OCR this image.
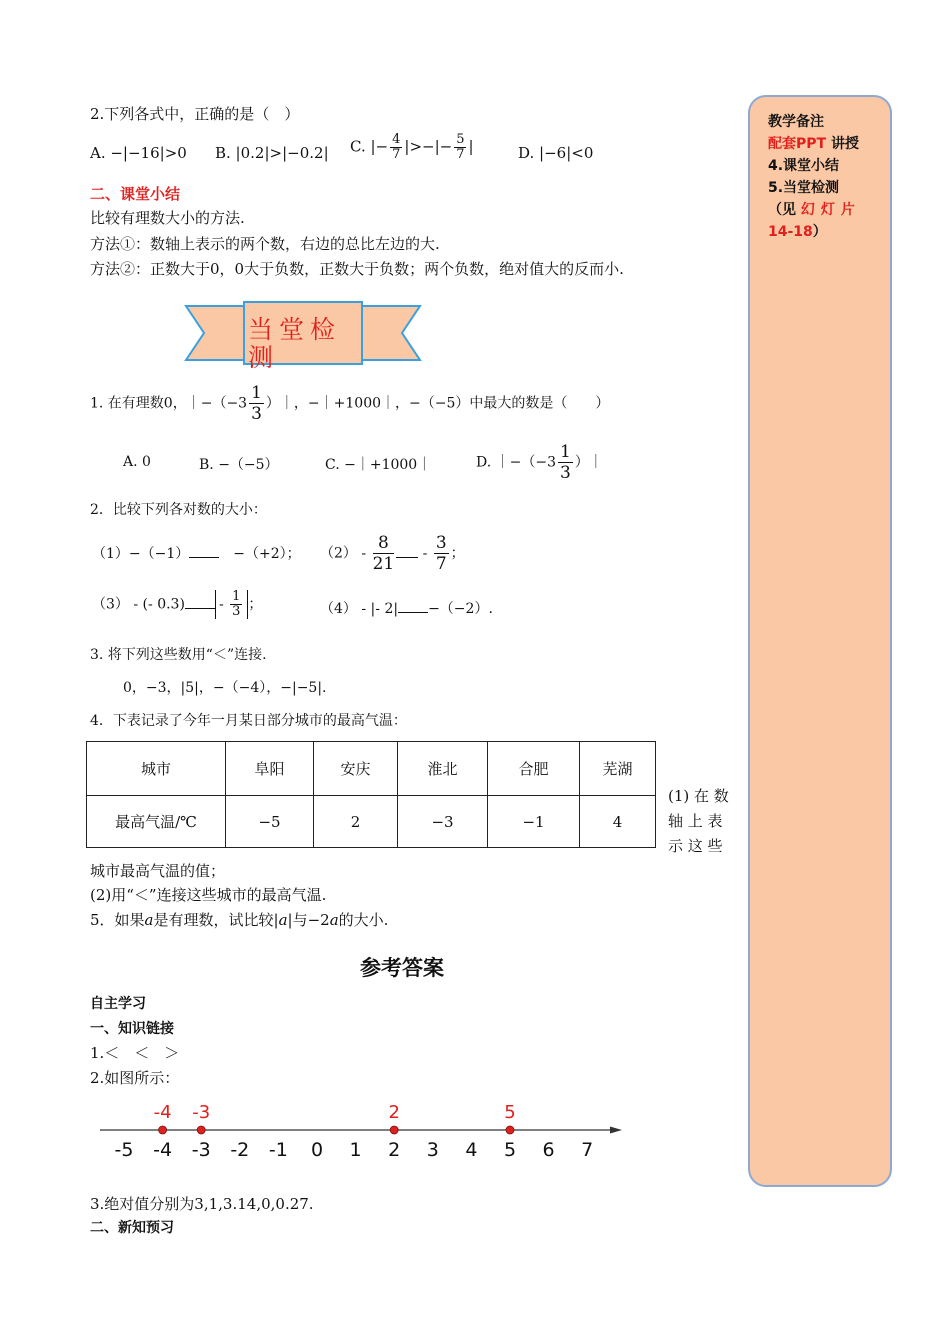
2.下列各式中，正确的是（　）
A. −|−16|>0 B. |0.2|>|−0.2| C. |− $\frac{4}{7}$ |>−|− $\frac{5}{7}$ |	D. |−6|<0
二、课堂小结
比较有理数大小的方法.
方法①：数轴上表示的两个数，右边的总比左边的大.
方法②：正数大于0，0大于负数，正数大于负数；两个负数，绝对值大的反而小.
当堂检测
1. 在有理数0，｜−（−3 $\frac{1}{3}$ ）｜，−｜+1000｜，−（−5）中最大的数是（　　）
A. 0	B. −（−5）	C. −｜+1000｜	D. ｜−（−3 $\frac{1}{3}$ ）｜
2．比较下列各对数的大小：
（1）−（−1）　	−（+2）； $(2) - \frac{8}{21} - \frac{3}{7}$ ；
（3） - (- $0.3) - \frac{1}{3}$ ；	（4） - |- 2| −（−2）.
3. 将下列这些数用“＜”连接.
0，−3，|5|，−（−4），−|−5|.
4．下表记录了今年一月某日部分城市的最高气温：
城市	阜阳	安庆	淮北	合肥	芜湖
最高气温/℃	−5	2	−3	−1	4
(1) 在 数
轴 上 表
示 这 些
城市最高气温的值；
(2)用“＜”连接这些城市的最高气温.
5．如果a是有理数，试比较|a|与−2a的大小.
参考答案
自主学习
一、知识链接
1.＜　＜　＞
2.如图所示：
-5 -4 -3 -2 -1 0 1 2 3 4 5 6 7
-4 -3	2	5
3.绝对值分别为3,1,3.14,0,0.27.
二、新知预习
教学备注
配套PPT 讲授
4.课堂小结
5.当堂检测
（见 幻灯片
14-18）
